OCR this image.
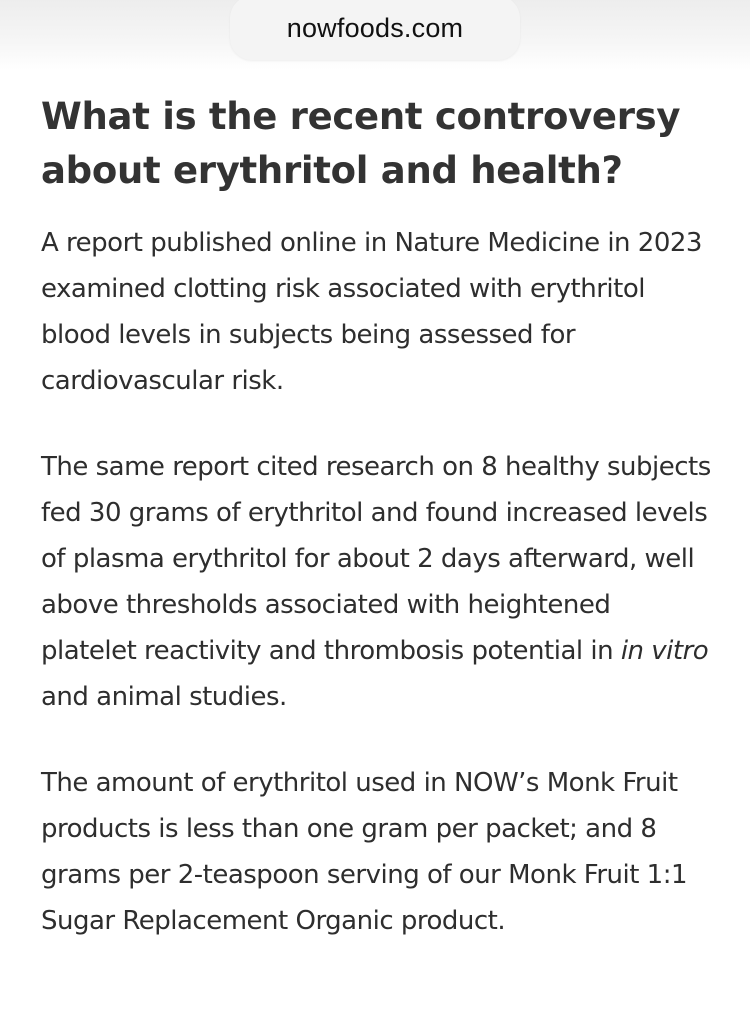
nowfoods.com
What is the recent controversy about erythritol and health?

A report published online in Nature Medicine in 2023 examined clotting risk associated with erythritol blood levels in subjects being assessed for cardiovascular risk.

The same report cited research on 8 healthy subjects fed 30 grams of erythritol and found increased levels of plasma erythritol for about 2 days afterward, well above thresholds associated with heightened platelet reactivity and thrombosis potential in in vitro and animal studies.

The amount of erythritol used in NOW’s Monk Fruit products is less than one gram per packet; and 8 grams per 2-teaspoon serving of our Monk Fruit 1:1 Sugar Replacement Organic product.
